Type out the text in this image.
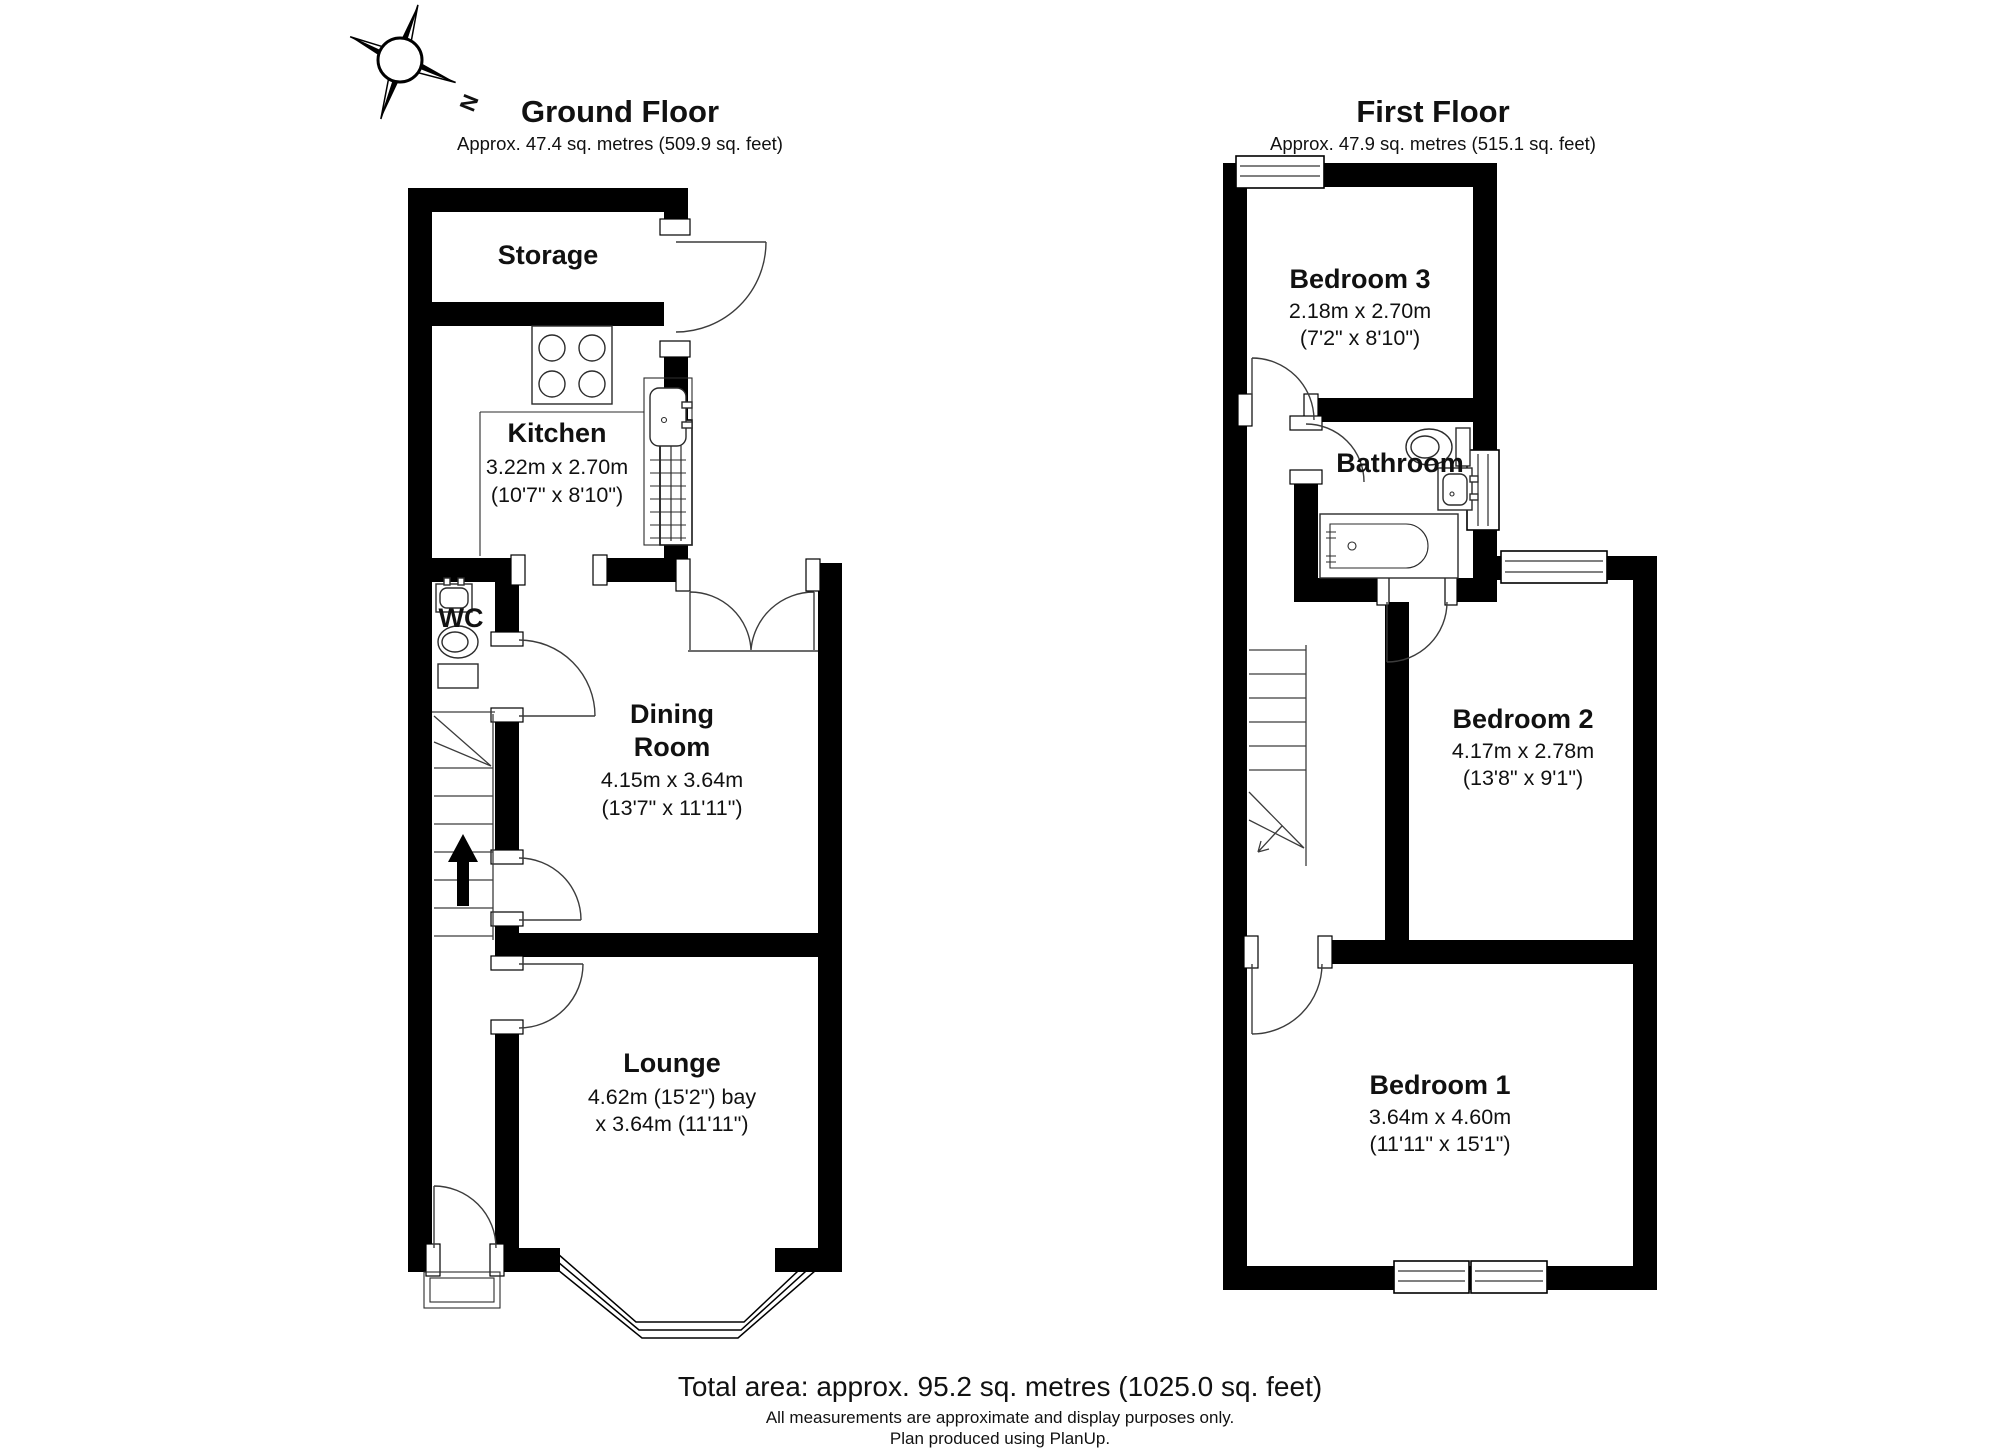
N Ground Floor
Approx. 47.4 sq. metres (509.9 sq. feet)
First Floor
Approx. 47.9 sq. metres (515.1 sq. feet)
Storage
Kitchen
3.22m x 2.70m
(10'7" x 8'10")
WC
Dining
Room
4.15m x 3.64m
(13'7" x 11'11")
Lounge
4.62m (15'2") bay
x 3.64m (11'11")
Bedroom 3
2.18m x 2.70m
(7'2" x 8'10")
Bathroom
Bedroom 2
4.17m x 2.78m
(13'8" x 9'1")
Bedroom 1
3.64m x 4.60m
(11'11" x 15'1")
Total area: approx. 95.2 sq. metres (1025.0 sq. feet)
All measurements are approximate and display purposes only.
Plan produced using PlanUp.
